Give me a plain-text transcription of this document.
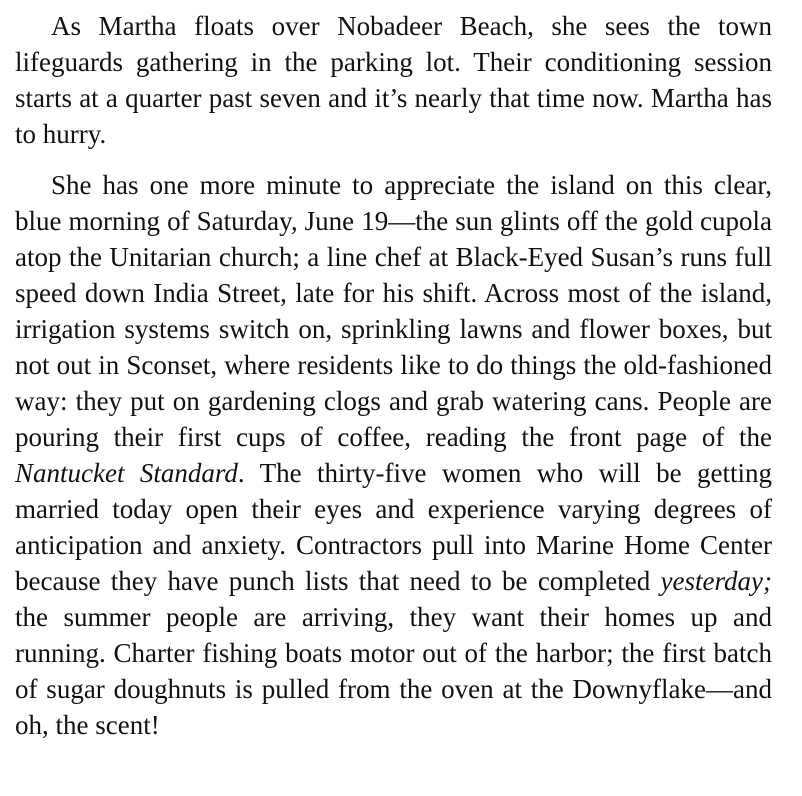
As Martha floats over Nobadeer Beach, she sees the town lifeguards gathering in the parking lot. Their conditioning session starts at a quarter past seven and it’s nearly that time now. Martha has to hurry.

She has one more minute to appreciate the island on this clear, blue morning of Saturday, June 19—the sun glints off the gold cupola atop the Unitarian church; a line chef at Black-Eyed Susan’s runs full speed down India Street, late for his shift. Across most of the island, irrigation systems switch on, sprinkling lawns and flower boxes, but not out in Sconset, where residents like to do things the old-fashioned way: they put on gardening clogs and grab watering cans. People are pouring their first cups of coffee, reading the front page of the Nantucket Standard. The thirty-five women who will be getting married today open their eyes and experience varying degrees of anticipation and anxiety. Contractors pull into Marine Home Center because they have punch lists that need to be completed yesterday; the summer people are arriving, they want their homes up and running. Charter fishing boats motor out of the harbor; the first batch of sugar doughnuts is pulled from the oven at the Downyflake—and oh, the scent!
